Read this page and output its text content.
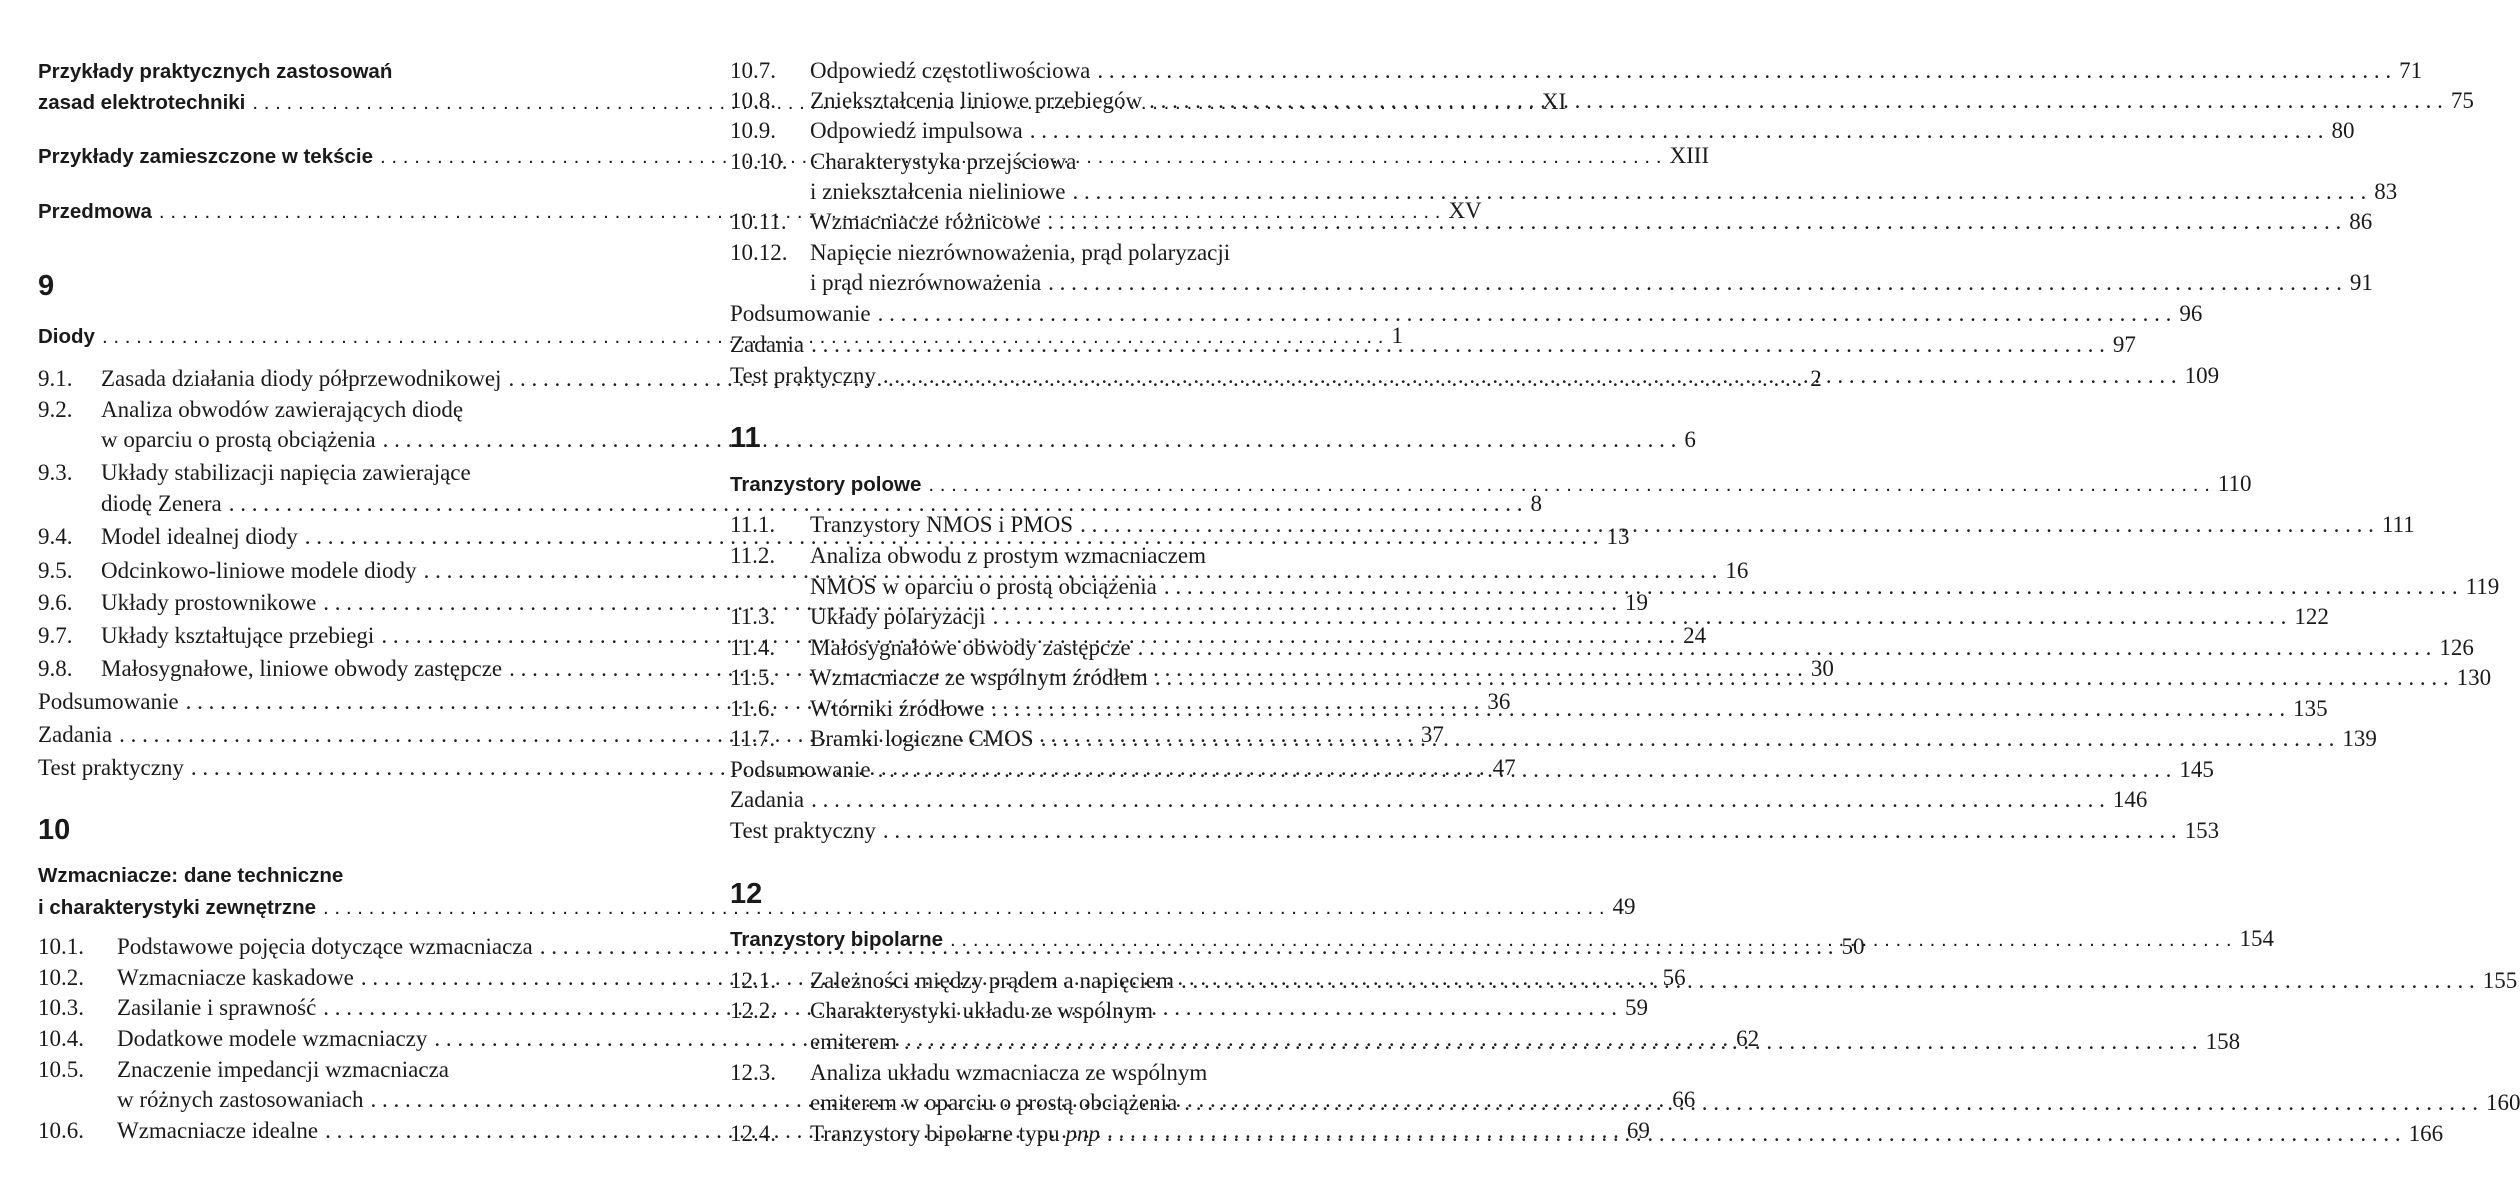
Przykłady praktycznych zastosowań
zasad elektrotechniki . . .	XI
Przykłady zamieszczone w tekście . . .	XIII
Przedmowa . . .	XV
9
Diody . . .	1
9.1.	Zasada działania diody półprzewodnikowej . . .	2
9.2.	Analiza obwodów zawierających diodę
w oparciu o prostą obciążenia . . .	6
9.3.	Układy stabilizacji napięcia zawierające
diodę Zenera . . .	8
9.4.	Model idealnej diody . . .	13
9.5.	Odcinkowo-liniowe modele diody . . .	16
9.6.	Układy prostownikowe . . .	19
9.7.	Układy kształtujące przebiegi . . .	24
9.8.	Małosygnałowe, liniowe obwody zastępcze . . .	30
Podsumowanie . . .	36
Zadania . . .	37
Test praktyczny . . .	47
10
Wzmacniacze: dane techniczne
i charakterystyki zewnętrzne . . .	49
10.1.	Podstawowe pojęcia dotyczące wzmacniacza . . .	50
10.2.	Wzmacniacze kaskadowe . . .	56
10.3.	Zasilanie i sprawność . . .	59
10.4.	Dodatkowe modele wzmacniaczy . . .	62
10.5.	Znaczenie impedancji wzmacniacza
w różnych zastosowaniach . . .	66
10.6.	Wzmacniacze idealne . . .	69
10.7.	Odpowiedź częstotliwościowa . . .	71
10.8.	Zniekształcenia liniowe przebiegów . . .	75
10.9.	Odpowiedź impulsowa . . .	80
10.10. Charakterystyka przejściowa
i zniekształcenia nieliniowe . . .	83
10.11.	Wzmacniacze różnicowe . . .	86
10.12. Napięcie niezrównoważenia, prąd polaryzacji
i prąd niezrównoważenia . . .	91
Podsumowanie . . .	96
Zadania . . .	97
Test praktyczny . . .	109
11
Tranzystory polowe . . .	110
11.1.	Tranzystory NMOS i PMOS . . .	111
11.2.	Analiza obwodu z prostym wzmacniaczem
NMOS w oparciu o prostą obciążenia . . .	119
11.3.	Układy polaryzacji . . .	122
11.4.	Małosygnałowe obwody zastępcze . . .	126
11.5.	Wzmacniacze ze wspólnym źródłem . . .	130
11.6.	Wtórniki źródłowe . . .	135
11.7.	Bramki logiczne CMOS . . .	139
Podsumowanie . . .	145
Zadania . . .	146
Test praktyczny . . .	153
12
Tranzystory bipolarne . . .	154
12.1.	Zależności między prądem a napięciem . . .	155
12.2.	Charakterystyki układu ze wspólnym
emiterem . . .	158
12.3.	Analiza układu wzmacniacza ze wspólnym
emiterem w oparciu o prostą obciążenia . . .	160
12.4.	Tranzystory bipolarne typu pnp . . .	166
